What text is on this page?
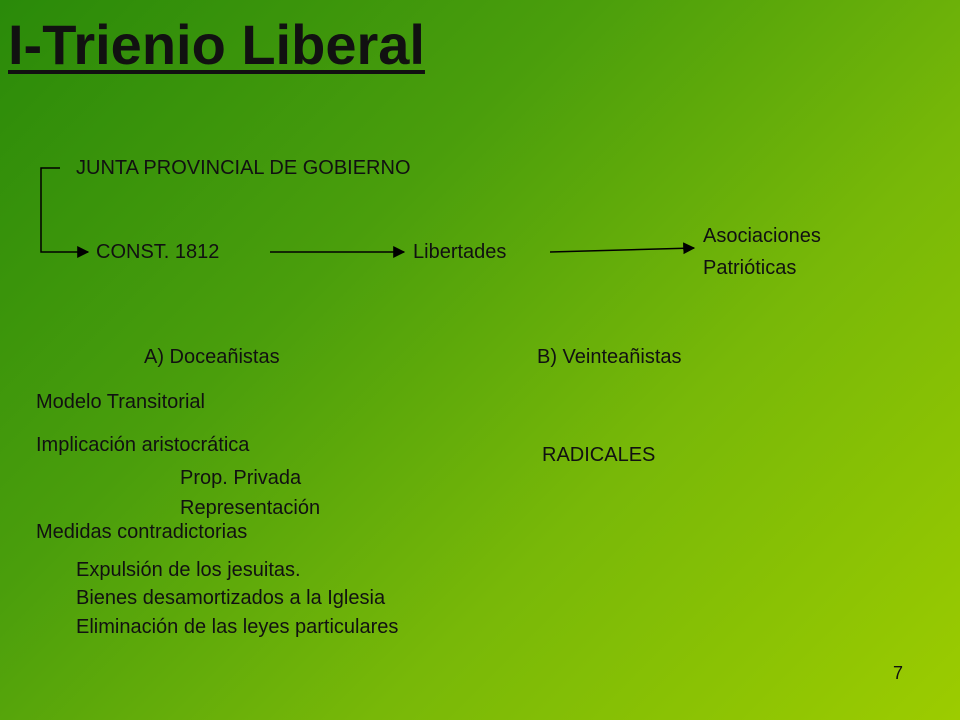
I-Trienio Liberal
JUNTA PROVINCIAL DE GOBIERNO
CONST. 1812	Libertades
Asociaciones
Patrióticas
A) Doceañistas	B) Veinteañistas
Modelo Transitorial
Implicación aristocrática
Prop. Privada
Representación
Medidas contradictorias
Expulsión de los jesuitas.
Bienes desamortizados a la Iglesia
Eliminación de las leyes particulares
RADICALES
7
